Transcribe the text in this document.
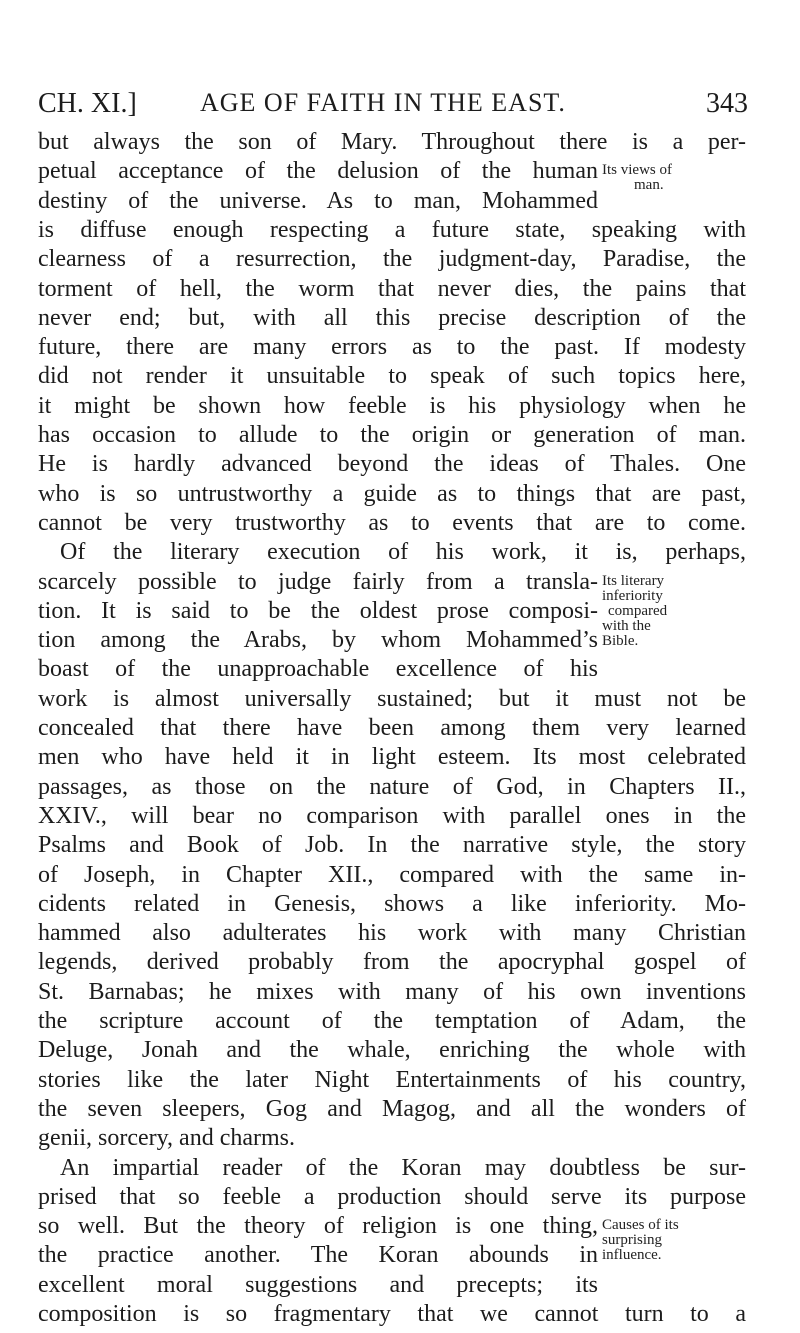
CH. XI.] AGE OF FAITH IN THE EAST.	343
but always the son of Mary. Throughout there is a per-
petual acceptance of the delusion of the human
destiny of the universe. As to man, Mohammed
is diffuse enough respecting a future state, speaking with
clearness of a resurrection, the judgment-day, Paradise, the
torment of hell, the worm that never dies, the pains that
never end; but, with all this precise description of the
future, there are many errors as to the past. If modesty
did not render it unsuitable to speak of such topics here,
it might be shown how feeble is his physiology when he
has occasion to allude to the origin or generation of man.
He is hardly advanced beyond the ideas of Thales. One
who is so untrustworthy a guide as to things that are past,
cannot be very trustworthy as to events that are to come.
Of the literary execution of his work, it is, perhaps,
scarcely possible to judge fairly from a transla-
tion. It is said to be the oldest prose composi-
tion among the Arabs, by whom Mohammed’s
boast of the unapproachable excellence of his
work is almost universally sustained; but it must not be
concealed that there have been among them very learned
men who have held it in light esteem. Its most celebrated
passages, as those on the nature of God, in Chapters II.,
XXIV., will bear no comparison with parallel ones in the
Psalms and Book of Job. In the narrative style, the story
of Joseph, in Chapter XII., compared with the same in-
cidents related in Genesis, shows a like inferiority. Mo-
hammed also adulterates his work with many Christian
legends, derived probably from the apocryphal gospel of
St. Barnabas; he mixes with many of his own inventions
the scripture account of the temptation of Adam, the
Deluge, Jonah and the whale, enriching the whole with
stories like the later Night Entertainments of his country,
the seven sleepers, Gog and Magog, and all the wonders of
genii, sorcery, and charms.
An impartial reader of the Koran may doubtless be sur-
prised that so feeble a production should serve its purpose
so well. But the theory of religion is one thing,
the practice another. The Koran abounds in
excellent moral suggestions and precepts; its
composition is so fragmentary that we cannot turn to a
Its views of
man.
Its literary
inferiority
compared
with the
Bible.
Causes of its
surprising
influence.
